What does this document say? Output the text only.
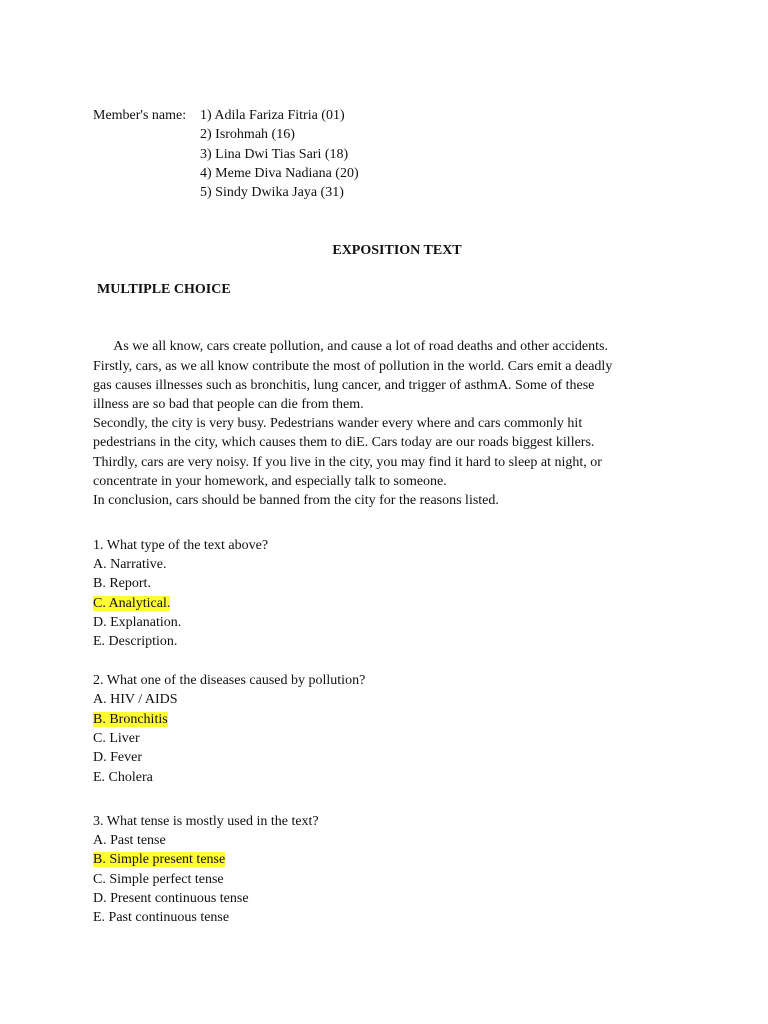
Member's name: 1) Adila Fariza Fitria (01)
2) Isrohmah (16)
3) Lina Dwi Tias Sari (18)
4) Meme Diva Nadiana (20)
5) Sindy Dwika Jaya (31)
EXPOSITION TEXT
MULTIPLE CHOICE
As we all know, cars create pollution, and cause a lot of road deaths and other accidents.
Firstly, cars, as we all know contribute the most of pollution in the world. Cars emit a deadly
gas causes illnesses such as bronchitis, lung cancer, and trigger of asthmA. Some of these
illness are so bad that people can die from them.
Secondly, the city is very busy. Pedestrians wander every where and cars commonly hit
pedestrians in the city, which causes them to diE. Cars today are our roads biggest killers.
Thirdly, cars are very noisy. If you live in the city, you may find it hard to sleep at night, or
concentrate in your homework, and especially talk to someone.
In conclusion, cars should be banned from the city for the reasons listed.
1. What type of the text above?
A. Narrative.
B. Report.
C. Analytical.
D. Explanation.
E. Description.
2. What one of the diseases caused by pollution?
A. HIV / AIDS
B. Bronchitis
C. Liver
D. Fever
E. Cholera
3. What tense is mostly used in the text?
A. Past tense
B. Simple present tense
C. Simple perfect tense
D. Present continuous tense
E. Past continuous tense
